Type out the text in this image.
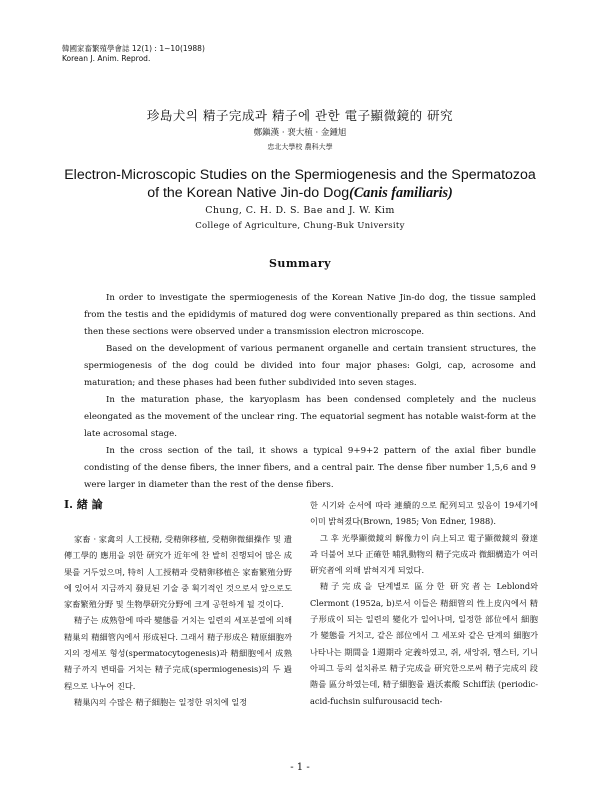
韓國家畜繁殖學會誌 12(1) : 1~10(1988)
Korean J. Anim. Reprod.
珍島犬의 精子完成과 精子에 관한 電子顯微鏡的 研究
鄭鎭漢 · 裵大植 · 金鍾旭
忠北大學校 農科大學
Electron-Microscopic Studies on the Spermiogenesis and the Spermatozoa
of the Korean Native Jin-do Dog(Canis familiaris)
Chung, C. H. D. S. Bae and J. W. Kim
College of Agriculture, Chung-Buk University
Summary

In order to investigate the spermiogenesis of the Korean Native Jin-do dog, the tissue sampled from the testis and the epididymis of matured dog were conventionally prepared as thin sections. And then these sections were observed under a transmission electron microscope.

Based on the development of various permanent organelle and certain transient structures, the spermiogenesis of the dog could be divided into four major phases: Golgi, cap, acrosome and maturation; and these phases had been futher subdivided into seven stages.

In the maturation phase, the karyoplasm has been condensed completely and the nucleus eleongated as the movement of the unclear ring. The equatorial segment has notable waist-form at the late acrosomal stage.

In the cross section of the tail, it shows a typical 9+9+2 pattern of the axial fiber bundle condisting of the dense fibers, the inner fibers, and a central pair. The dense fiber number 1,5,6 and 9 were larger in diameter than the rest of the dense fibers.

Ⅰ. 緖 論

家畜 · 家禽의 人工授精, 受精卵移植, 受精卵微細操作 및 遺傳工學的 應用을 위한 研究가 近年에 찬 발히 진행되어 많은 成果를 거두었으며, 特히 人工授精과 受精卵移植은 家畜繁殖分野에 있어서 지금까지 發見된 기술 중 획기적인 것으로서 앞으로도 家畜繁殖分野 및 生物學研究分野에 크게 공헌하게 될 것이다.

精子는 成熟함에 따라 變態를 거치는 일련의 세포분열에 의해 精巢의 精細管內에서 形成된다. 그래서 精子形成은 精原細胞까지의 정세포 형성(spermatocytogenesis)과 精細胞에서 成熟精子까지 변태를 거치는 精子完成(spermiogenesis)의 두 過程으로 나누어 진다.

精巢內의 수많은 精子細胞는 일정한 위치에 일정

한 시기와 순서에 따라 連續的으로 配列되고 있음이 19세기에 이미 밝혀졌다(Brown, 1985; Von Edner, 1988).

그 후 光學顯微鏡의 解像力이 向上되고 電子顯微鏡의 發達과 더불어 보다 正確한 哺乳動物의 精子完成과 微細構造가 여러 研究者에 의해 밝혀지게 되었다.

精子完成을 단계별로 區分한 研究者는 Leblond와 Clermont (1952a, b)로서 이들은 精細管의 性上皮內에서 精子形成이 되는 일련의 變化가 일어나며, 일정한 部位에서 細胞가 變態를 거치고, 같은 部位에서 그 세포와 같은 단계의 細胞가 나타나는 期間을 1週期라 定義하였고, 쥐, 새앙쥐, 햄스터, 기니아피그 등의 설치류로 精子完成을 研究한으로써 精子完成의 段階를 區分하였는데, 精子細胞를 過沃素酸 Schiff法 (periodic-acid-fuchsin sulfurousacid tech-

- 1 -
